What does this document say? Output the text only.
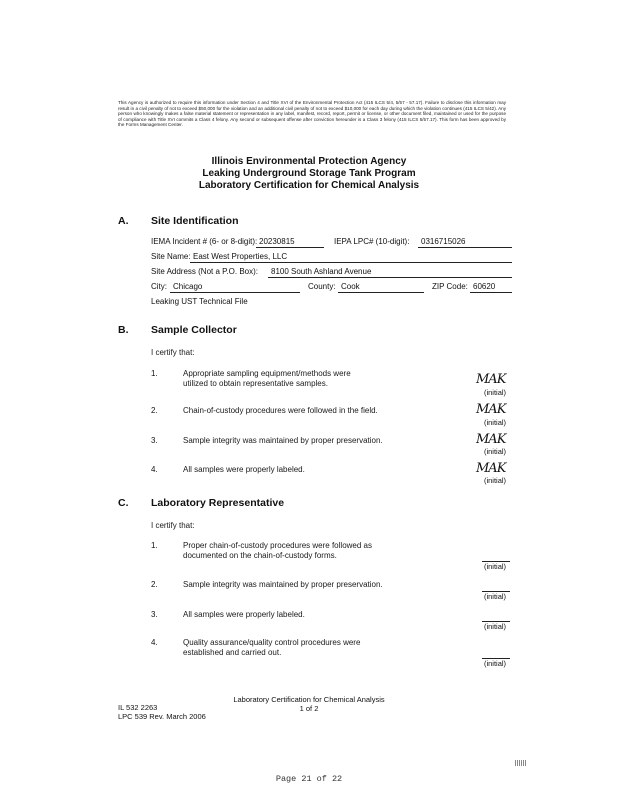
This Agency is authorized to require this information under Section 4 and Title XVI of the Environmental Protection Act (415 ILCS 5/4, 5/57 - 57.17). Failure to disclose this information may result in a civil penalty of not to exceed $50,000 for the violation and an additional civil penalty of not to exceed $10,000 for each day during which the violation continues (415 ILCS 5/42). Any person who knowingly makes a false material statement or representation in any label, manifest, record, report, permit or license, or other document filed, maintained or used for the purpose of compliance with Title XVI commits a Class 4 felony. Any second or subsequent offense after conviction hereunder is a Class 3 felony (415 ILCS 5/57.17). This form has been approved by the Forms Management Center.
Illinois Environmental Protection Agency
Leaking Underground Storage Tank Program
Laboratory Certification for Chemical Analysis
A. Site Identification
IEMA Incident # (6- or 8-digit): 20230815	IEPA LPC# (10-digit):	0316715026
Site Name: East West Properties, LLC
Site Address (Not a P.O. Box):	8100 South Ashland Avenue
City: Chicago	County: Cook	ZIP Code: 60620
Leaking UST Technical File
B. Sample Collector
I certify that:
1.	Appropriate sampling equipment/methods were utilized to obtain representative samples.	MAK
(initial)
2.	Chain-of-custody procedures were followed in the field.	MAK
(initial)
3.	Sample integrity was maintained by proper preservation.	MAK
(initial)
4.	All samples were properly labeled.	MAK
(initial)
C. Laboratory Representative
I certify that:
1.	Proper chain-of-custody procedures were followed as documented on the chain-of-custody forms.
(initial)
2.	Sample integrity was maintained by proper preservation.
(initial)
3.	All samples were properly labeled.
(initial)
4.	Quality assurance/quality control procedures were established and carried out.
(initial)
IL 532 2263
LPC 539 Rev. March 2006
Laboratory Certification for Chemical Analysis
1 of 2
Page 21 of 22
